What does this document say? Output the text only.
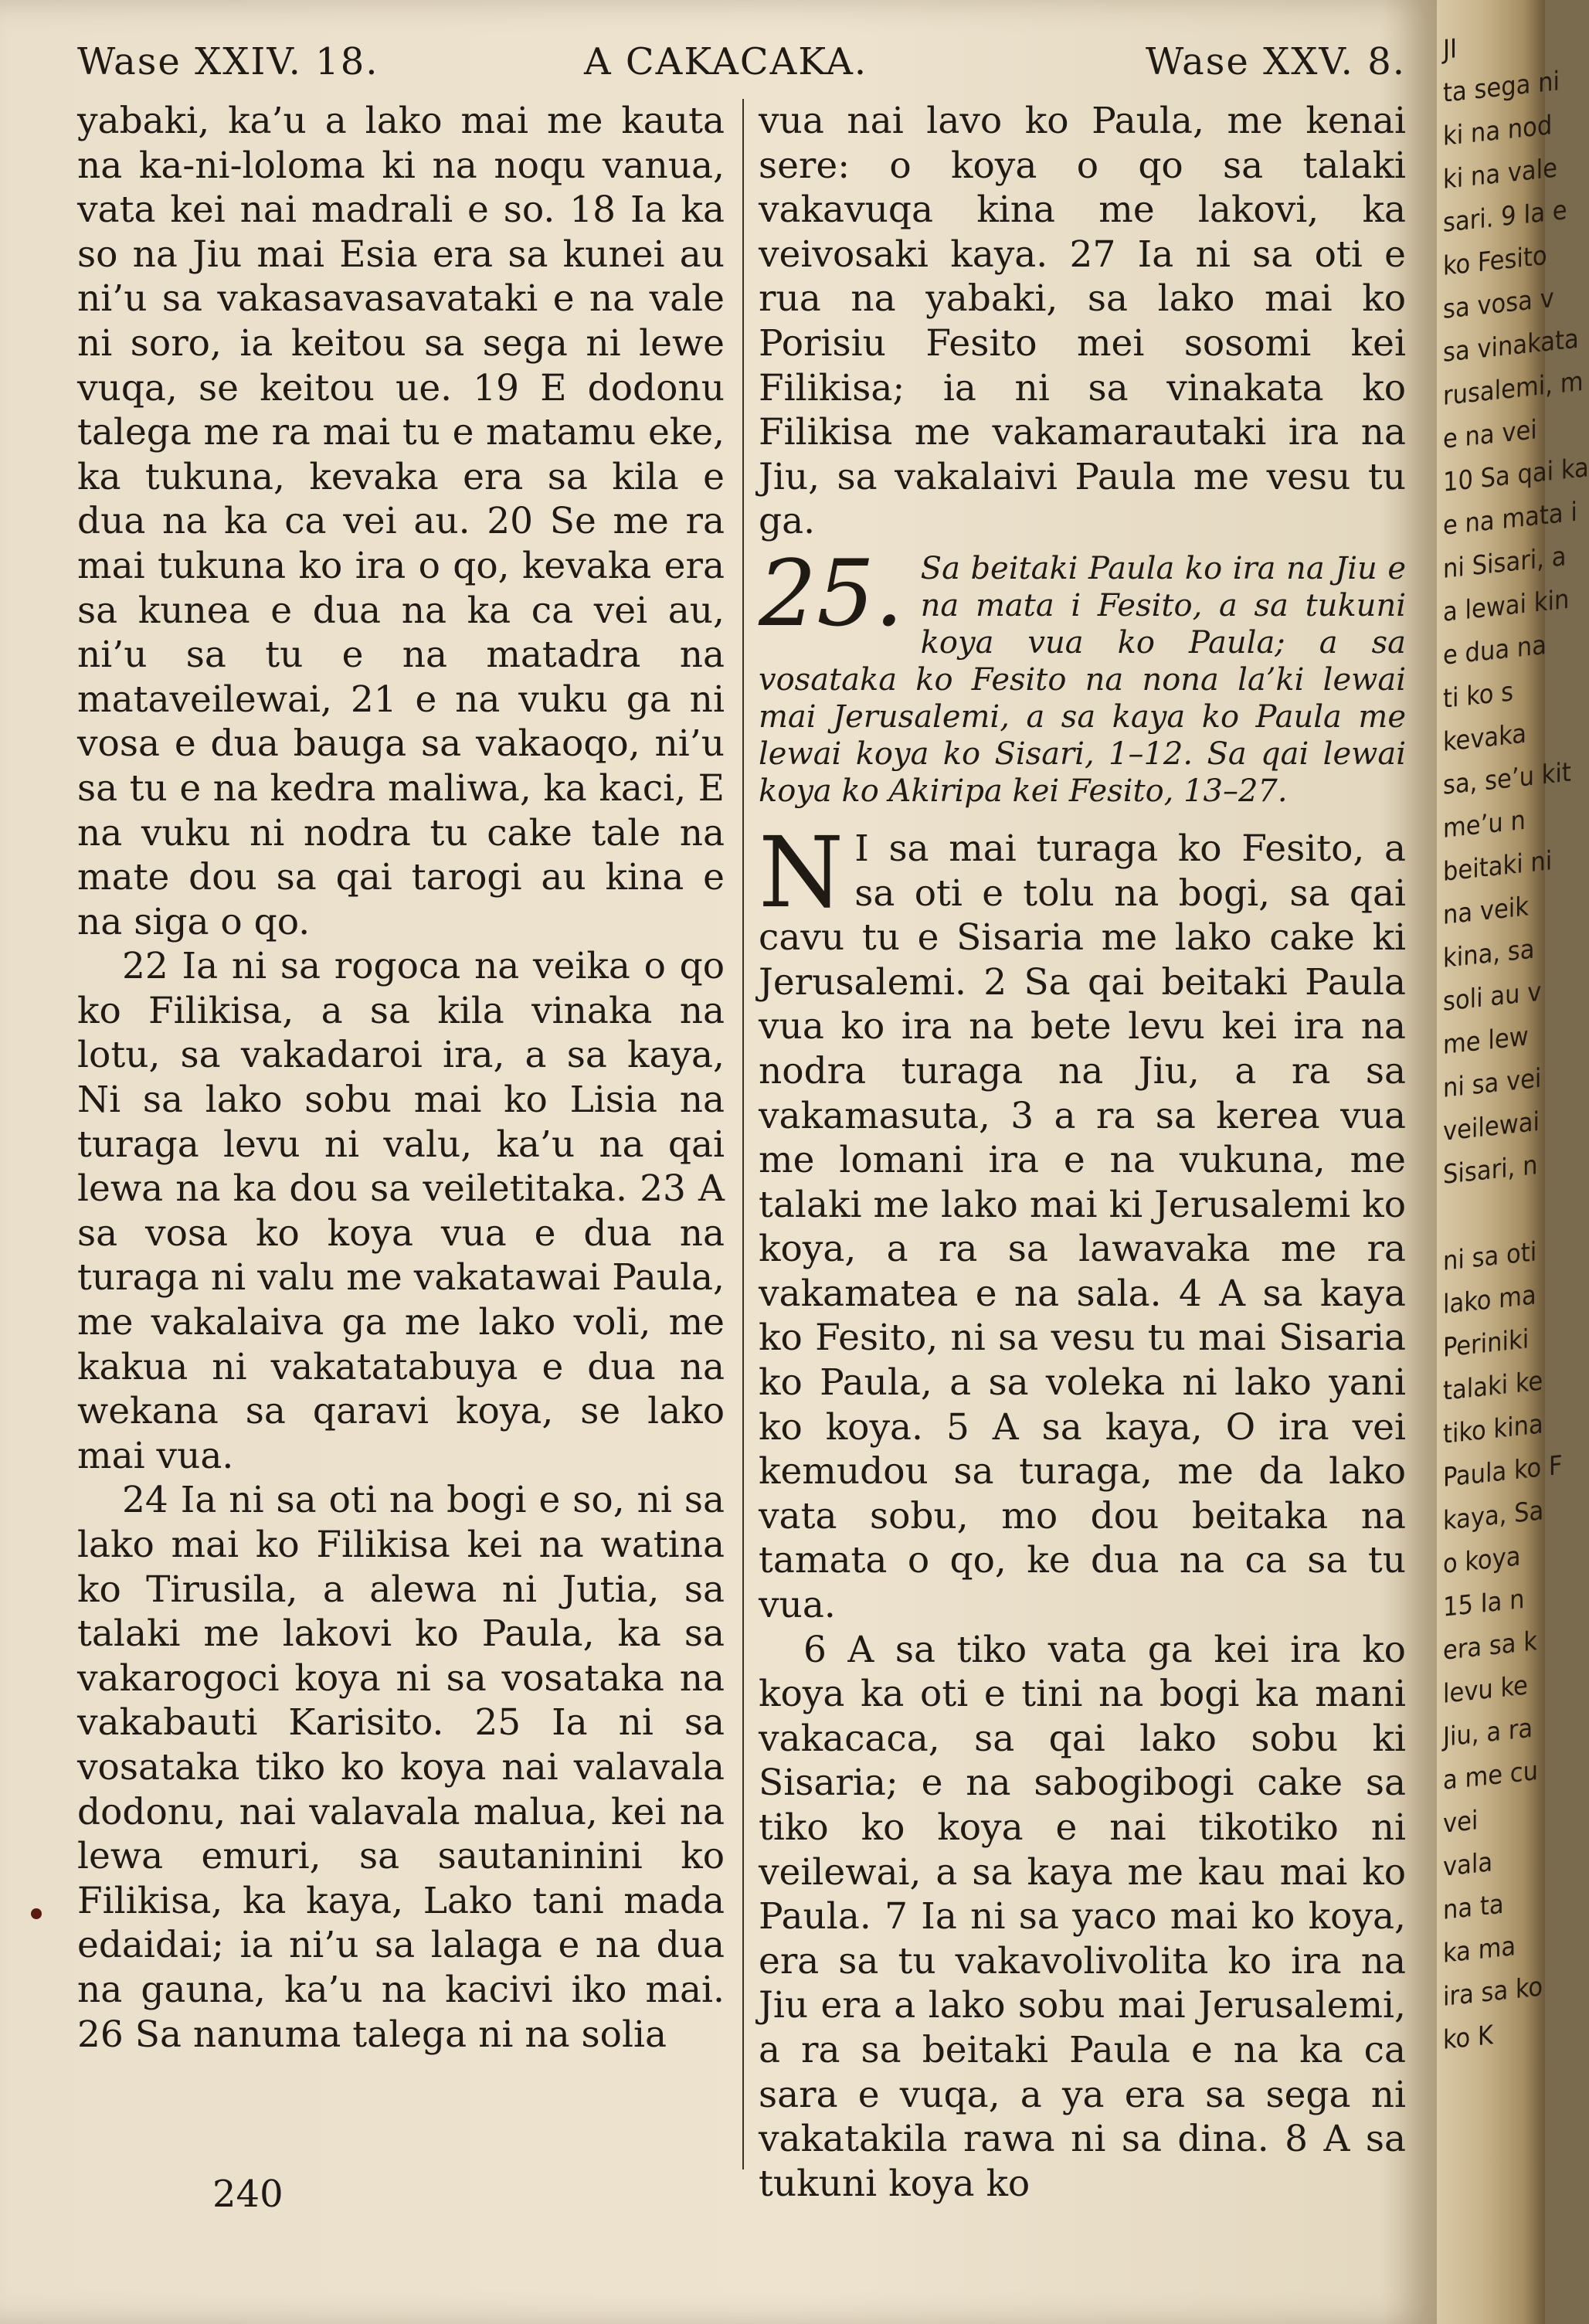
Wase XXIV. 18.	A CAKACAKA.	Wase XXV. 8.

yabaki, ka’u a lako mai me kauta na ka-ni-loloma ki na noqu vanua, vata kei nai madrali e so. 18 Ia ka so na Jiu mai Esia era sa kunei au ni’u sa vakasavasavataki e na vale ni soro, ia keitou sa sega ni lewe vuqa, se keitou ue. 19 E dodonu talega me ra mai tu e matamu eke, ka tukuna, kevaka era sa kila e dua na ka ca vei au. 20 Se me ra mai tukuna ko ira o qo, kevaka era sa kunea e dua na ka ca vei au, ni’u sa tu e na matadra na mataveilewai, 21 e na vuku ga ni vosa e dua bauga sa vakaoqo, ni’u sa tu e na kedra maliwa, ka kaci, E na vuku ni nodra tu cake tale na mate dou sa qai tarogi au kina e na siga o qo.

22 Ia ni sa rogoca na veika o qo ko Filikisa, a sa kila vinaka na lotu, sa vakadaroi ira, a sa kaya, Ni sa lako sobu mai ko Lisia na turaga levu ni valu, ka’u na qai lewa na ka dou sa veiletitaka. 23 A sa vosa ko koya vua e dua na turaga ni valu me vakatawai Paula, me vakalaiva ga me lako voli, me kakua ni vakatatabuya e dua na wekana sa qaravi koya, se lako mai vua.

24 Ia ni sa oti na bogi e so, ni sa lako mai ko Filikisa kei na watina ko Tirusila, a alewa ni Jutia, sa talaki me lakovi ko Paula, ka sa vakarogoci koya ni sa vosataka na vakabauti Karisito. 25 Ia ni sa vosataka tiko ko koya nai valavala dodonu, nai valavala malua, kei na lewa emuri, sa sautaninini ko Filikisa, ka kaya, Lako tani mada edaidai; ia ni’u sa lalaga e na dua na gauna, ka’u na kacivi iko mai. 26 Sa nanuma talega ni na solia

vua nai lavo ko Paula, me kenai sere: o koya o qo sa talaki vakavuqa kina me lakovi, ka veivosaki kaya. 27 Ia ni sa oti e rua na yabaki, sa lako mai ko Porisiu Fesito mei sosomi kei Filikisa; ia ni sa vinakata ko Filikisa me vakamarautaki ira na Jiu, sa vakalaivi Paula me vesu tu ga.

25. Sa beitaki Paula ko ira na Jiu e na mata i Fesito, a sa tukuni koya vua ko Paula; a sa vosataka ko Fesito na nona la’ki lewai mai Jerusalemi, a sa kaya ko Paula me lewai koya ko Sisari, 1–12. Sa qai lewai koya ko Akiripa kei Fesito, 13–27.

N I sa mai turaga ko Fesito, a sa oti e tolu na bogi, sa qai cavu tu e Sisaria me lako cake ki Jerusalemi. 2 Sa qai beitaki Paula vua ko ira na bete levu kei ira na nodra turaga na Jiu, a ra sa vakamasuta, 3 a ra sa kerea vua me lomani ira e na vukuna, me talaki me lako mai ki Jerusalemi ko koya, a ra sa lawavaka me ra vakamatea e na sala. 4 A sa kaya ko Fesito, ni sa vesu tu mai Sisaria ko Paula, a sa voleka ni lako yani ko koya. 5 A sa kaya, O ira vei kemudou sa turaga, me da lako vata sobu, mo dou beitaka na tamata o qo, ke dua na ca sa tu vua.

6 A sa tiko vata ga kei ira ko koya ka oti e tini na bogi ka mani vakacaca, sa qai lako sobu ki Sisaria; e na sabogibogi cake sa tiko ko koya e nai tikotiko ni veilewai, a sa kaya me kau mai ko Paula. 7 Ia ni sa yaco mai ko koya, era sa tu vakavolivolita ko ira na Jiu era a lako sobu mai Jerusalemi, a ra sa beitaki Paula e na ka ca sara e vuqa, a ya era sa sega ni vakatakila rawa ni sa dina. 8 A sa tukuni koya ko

240
JI
ta sega ni
ki na nod
ki na vale
sari. 9 Ia e
ko Fesito
sa vosa v
sa vinakata
rusalemi, m
e na vei
10 Sa qai ka
e na mata i
ni Sisari, a
a lewai kin
e dua na
ti ko s
kevaka
sa, se’u kit
me’u n
beitaki ni
na veik
kina, sa
soli au v
me lew
ni sa vei
veilewai
Sisari, n

ni sa oti
lako ma
Periniki
talaki ke
tiko kina
Paula ko F
kaya, Sa
o koya
15 Ia n
era sa k
levu ke
Jiu, a ra
a me cu
vei
vala
na ta
ka ma
ira sa ko
ko K
